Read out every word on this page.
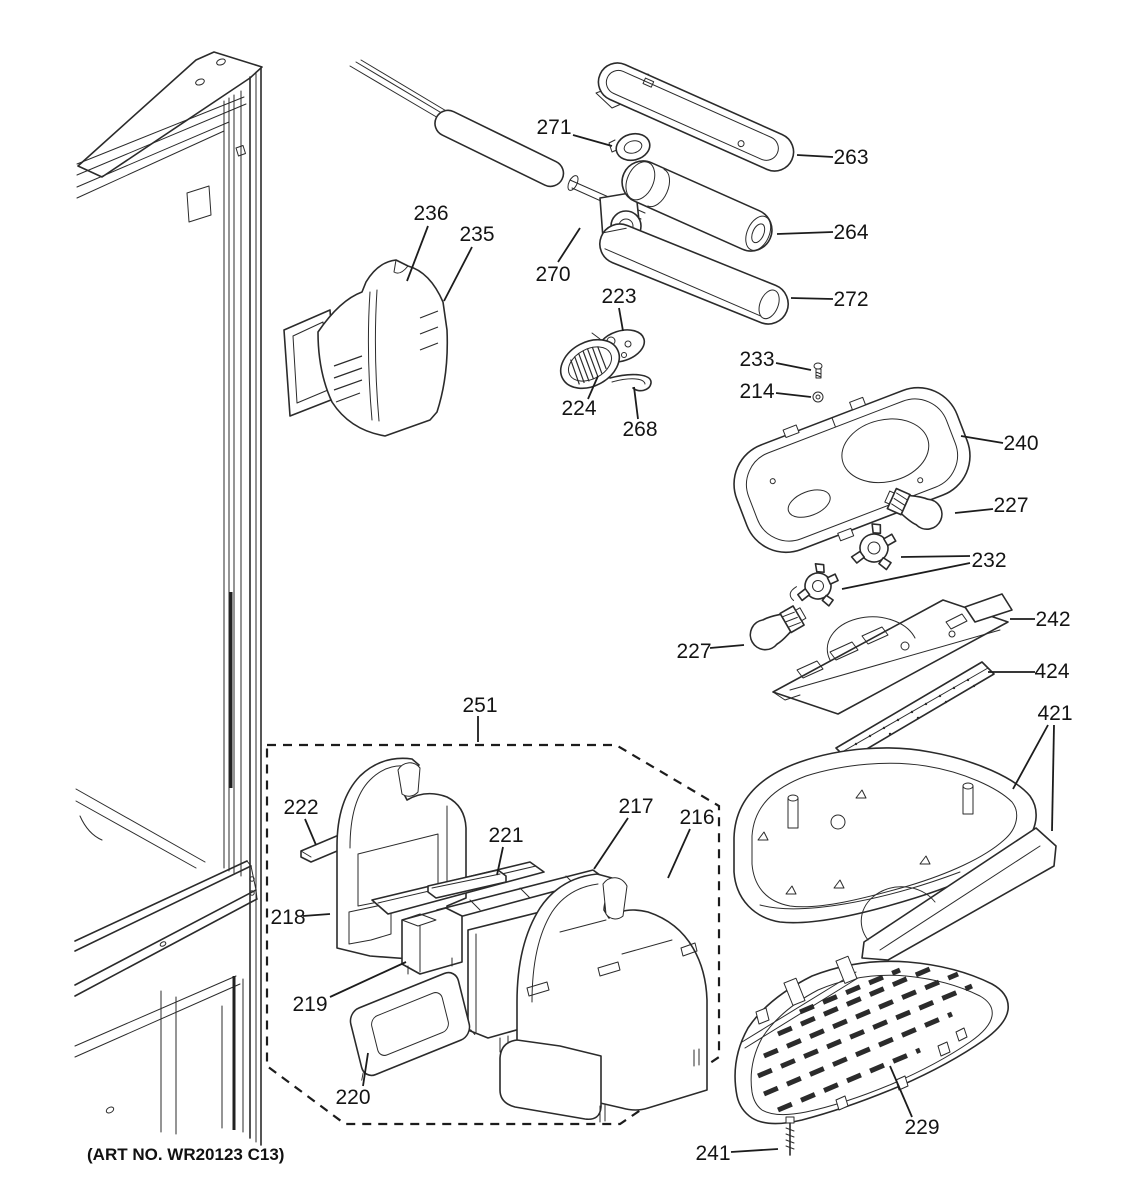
271
263
236
235
270
264
272
223
233
214
224
268
240
227
232
242
227
424
421
251
222	217 216
221
218
219
220
229
241
(ART NO. WR20123 C13)
